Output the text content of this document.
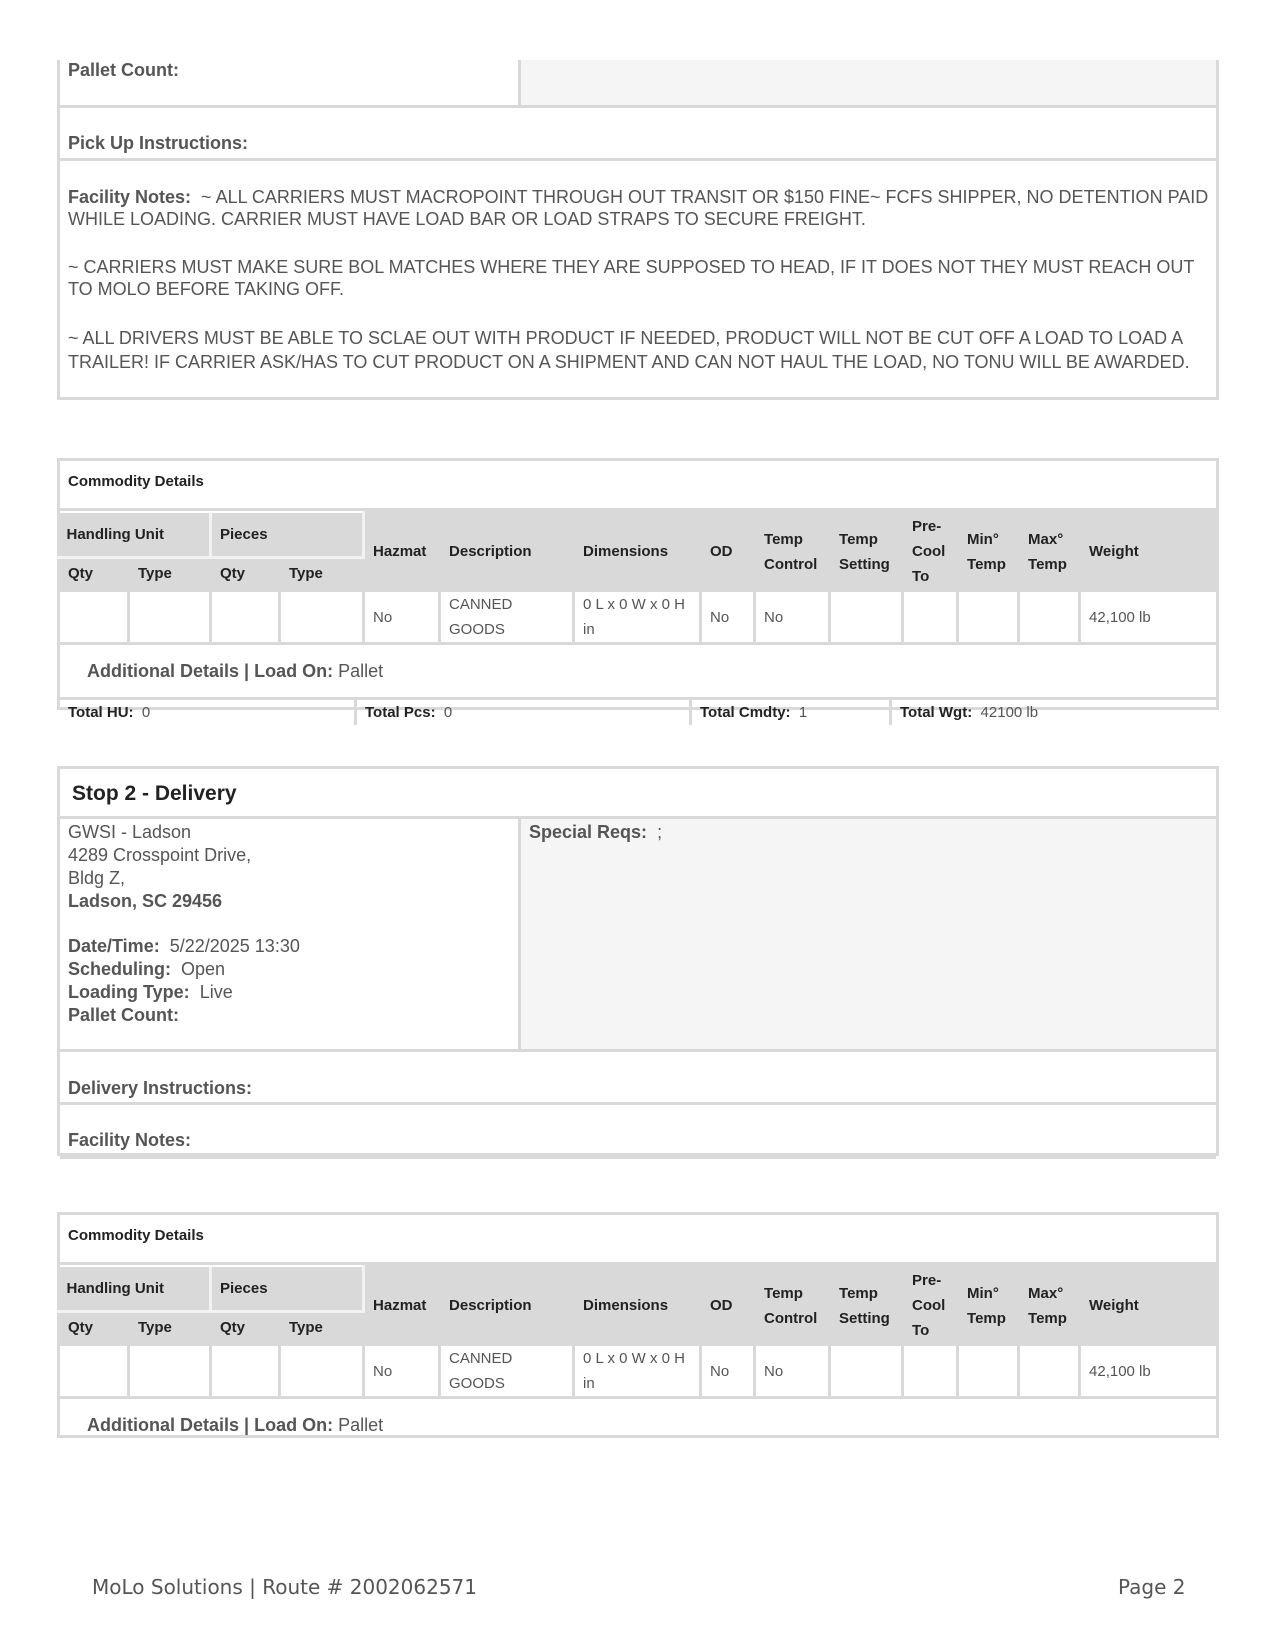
Pallet Count:
Pick Up Instructions:
Facility Notes: ~ ALL CARRIERS MUST MACROPOINT THROUGH OUT TRANSIT OR $150 FINE~ FCFS SHIPPER, NO DETENTION PAID WHILE LOADING. CARRIER MUST HAVE LOAD BAR OR LOAD STRAPS TO SECURE FREIGHT.
~ CARRIERS MUST MAKE SURE BOL MATCHES WHERE THEY ARE SUPPOSED TO HEAD, IF IT DOES NOT THEY MUST REACH OUT TO MOLO BEFORE TAKING OFF.
~ ALL DRIVERS MUST BE ABLE TO SCLAE OUT WITH PRODUCT IF NEEDED, PRODUCT WILL NOT BE CUT OFF A LOAD TO LOAD A TRAILER! IF CARRIER ASK/HAS TO CUT PRODUCT ON A SHIPMENT AND CAN NOT HAUL THE LOAD, NO TONU WILL BE AWARDED.
Commodity Details
Handling Unit		Pieces		Hazmat	Description	Dimensions	OD	Temp Control	Temp Setting	Pre-Cool To	Min° Temp	Max° Temp	Weight
Qty	Type	Qty	Type										
				No	CANNED GOODS	0 L x 0 W x 0 H in	No	No					42,100 lb
Additional Details | Load On: Pallet
Total HU: 0	Total Pcs: 0	Total Cmdty: 1	Total Wgt: 42100 lb
Stop 2 - Delivery
GWSI - Ladson
4289 Crosspoint Drive,
Bldg Z,
Ladson, SC 29456
Date/Time: 5/22/2025 13:30
Scheduling: Open
Loading Type: Live
Pallet Count:
Special Reqs: ;
Delivery Instructions:
Facility Notes:
Commodity Details
Handling Unit		Pieces		Hazmat	Description	Dimensions	OD	Temp Control	Temp Setting	Pre-Cool To	Min° Temp	Max° Temp	Weight
Qty	Type	Qty	Type										
				No	CANNED GOODS	0 L x 0 W x 0 H in	No	No					42,100 lb
Additional Details | Load On: Pallet
MoLo Solutions | Route # 2002062571	Page 2
